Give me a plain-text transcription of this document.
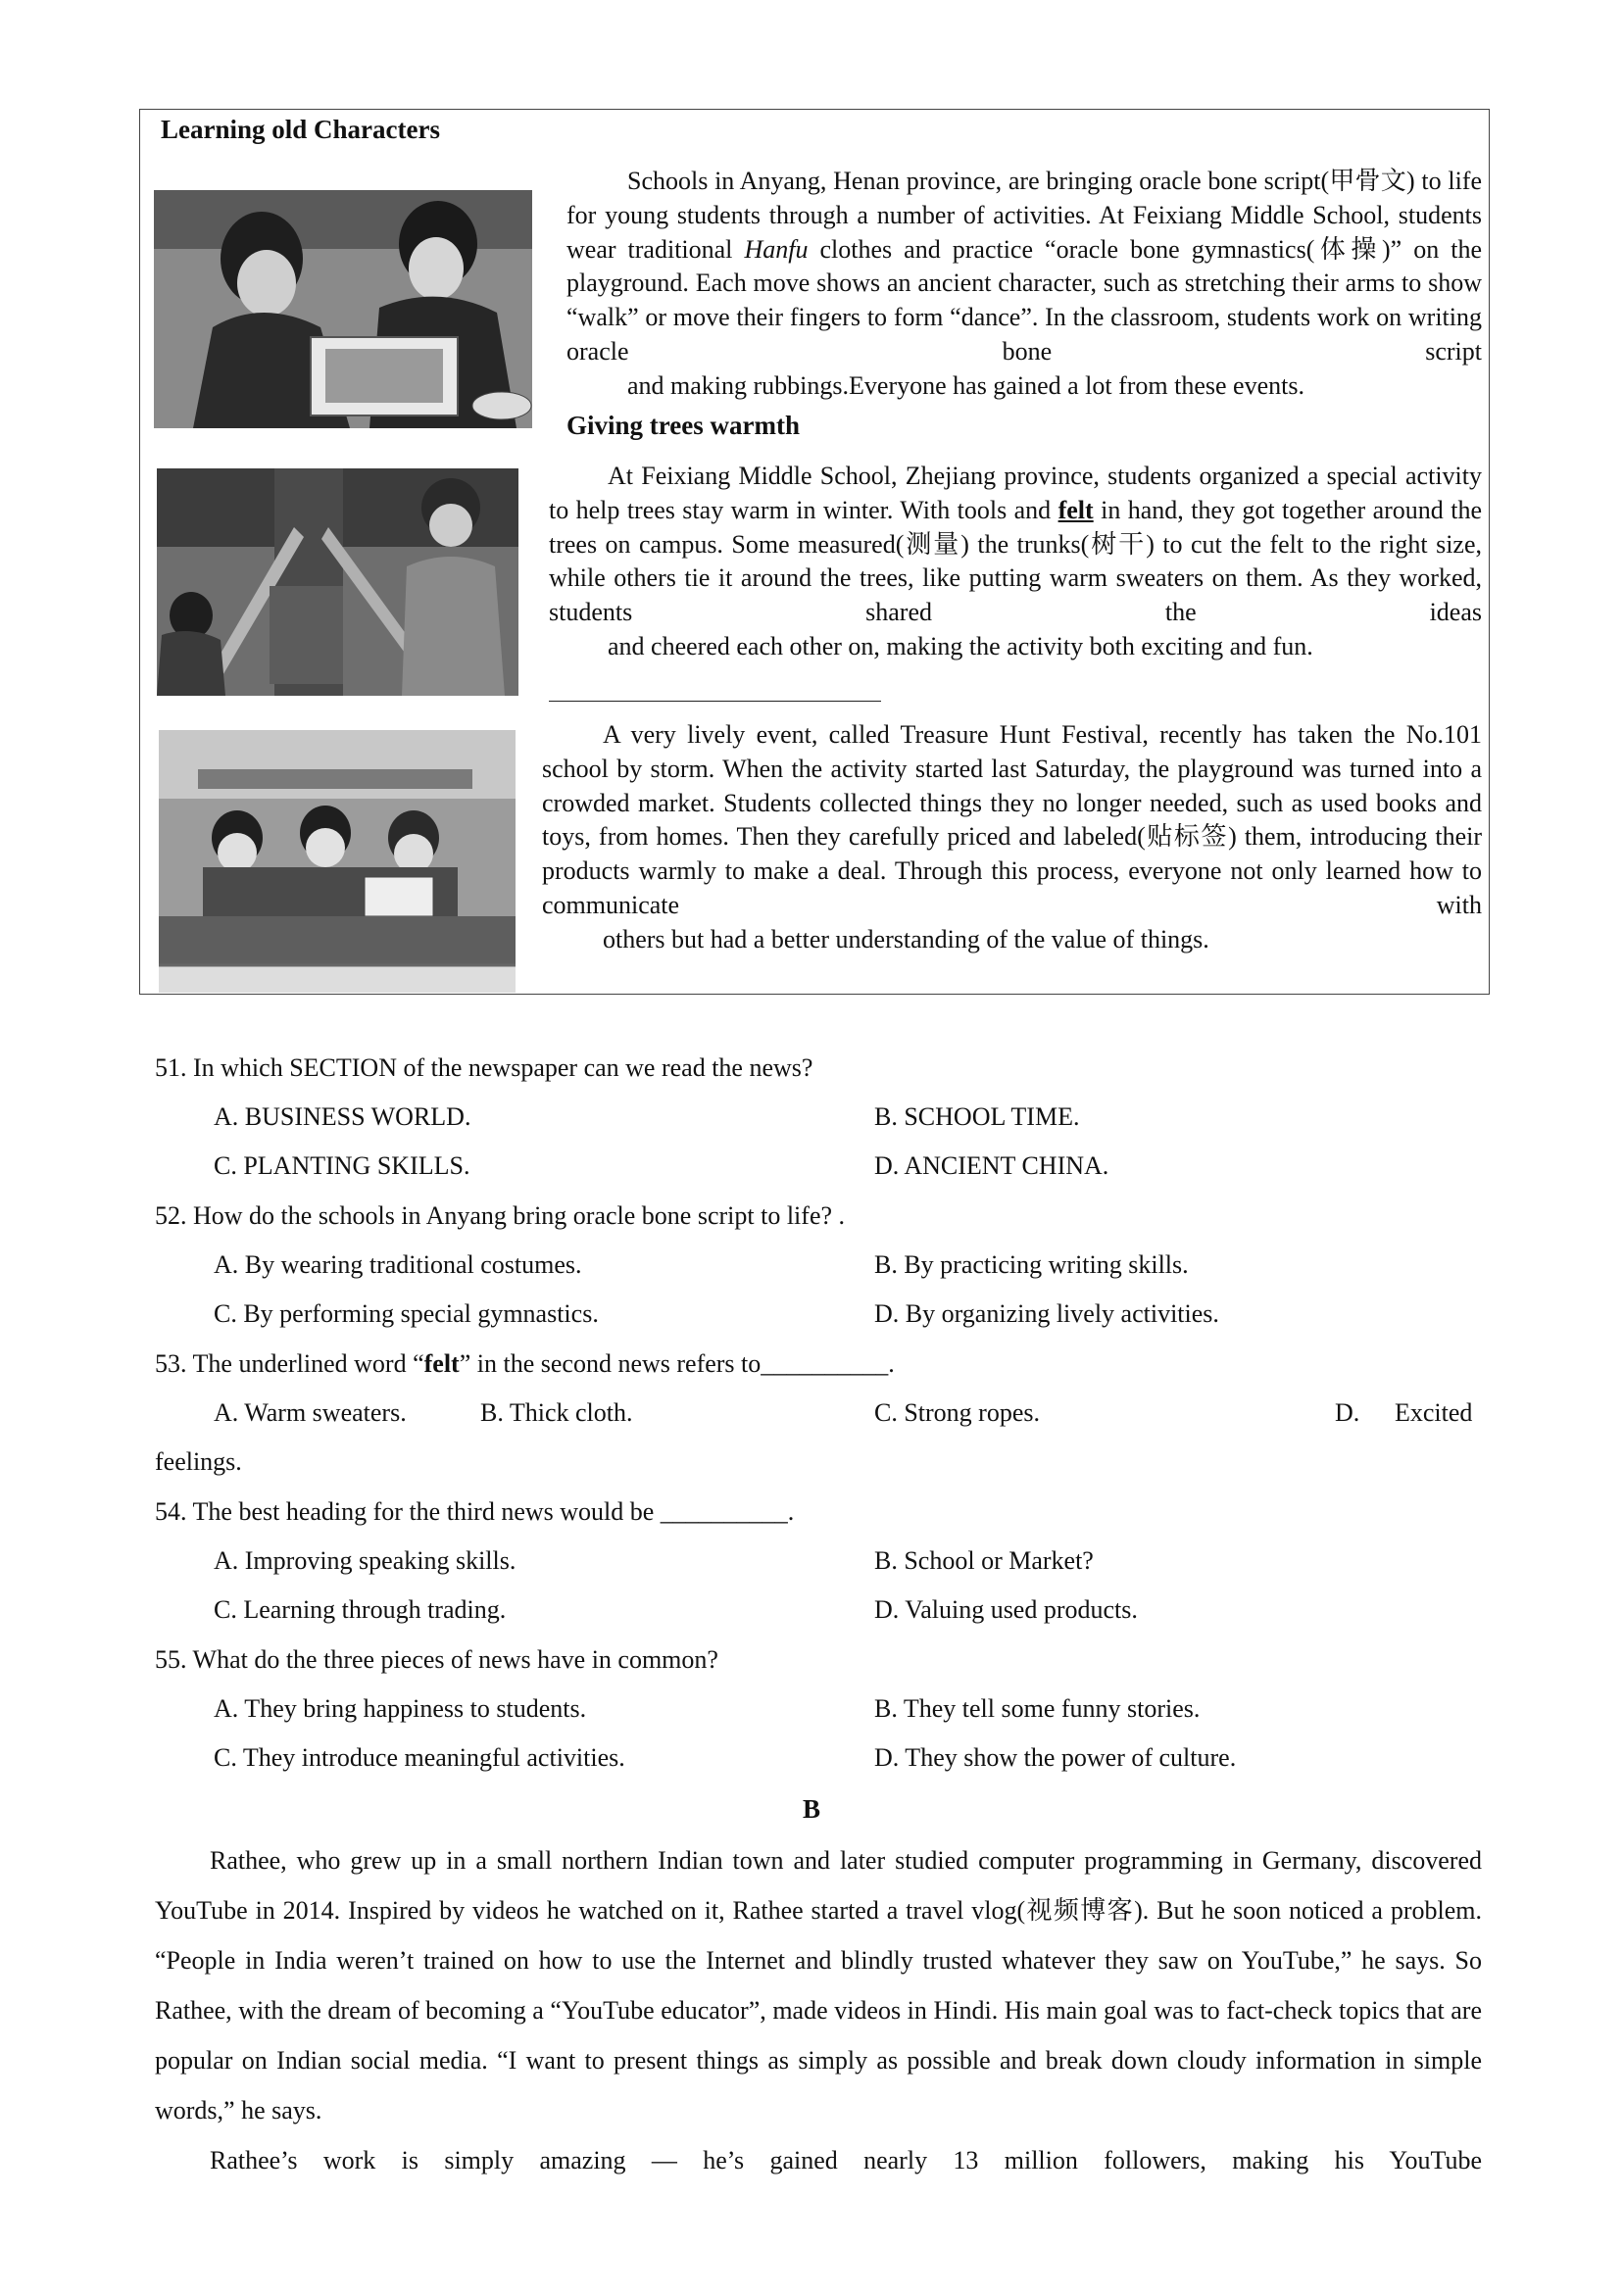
Learning old Characters

Schools in Anyang, Henan province, are bringing oracle bone script(甲骨文) to life for young students through a number of activities. At Feixiang Middle School, students wear traditional Hanfu clothes and practice “oracle bone gymnastics(体操)” on the playground. Each move shows an ancient character, such as stretching their arms to show “walk” or move their fingers to form “dance”. In the classroom, students work on writing oracle bone script
and making rubbings.Everyone has gained a lot from these events.

Giving trees warmth

At Feixiang Middle School, Zhejiang province, students organized a special activity to help trees stay warm in winter. With tools and felt in hand, they got together around the trees on campus. Some measured(测量) the trunks(树干) to cut the felt to the right size, while others tie it around the trees, like putting warm sweaters on them. As they worked, students shared the ideas
and cheered each other on, making the activity both exciting and fun.

A very lively event, called Treasure Hunt Festival, recently has taken the No.101 school by storm. When the activity started last Saturday, the playground was turned into a crowded market. Students collected things they no longer needed, such as used books and toys, from homes. Then they carefully priced and labeled(贴标签) them, introducing their products warmly to make a deal. Through this process, everyone not only learned how to communicate with
others but had a better understanding of the value of things.

51. In which SECTION of the newspaper can we read the news?
A. BUSINESS WORLD.	B. SCHOOL TIME.
C. PLANTING SKILLS.	D. ANCIENT CHINA.
52. How do the schools in Anyang bring oracle bone script to life? .
A. By wearing traditional costumes.	B. By practicing writing skills.
C. By performing special gymnastics.	D. By organizing lively activities.
53. The underlined word “felt” in the second news refers to__________.
A. Warm sweaters.	B. Thick cloth.	C. Strong ropes.	D. Excited
feelings.
54. The best heading for the third news would be __________.
A. Improving speaking skills.	B. School or Market?
C. Learning through trading.	D. Valuing used products.
55. What do the three pieces of news have in common?
A. They bring happiness to students.	B. They tell some funny stories.
C. They introduce meaningful activities.	D. They show the power of culture.
B

Rathee, who grew up in a small northern Indian town and later studied computer programming in Germany, discovered YouTube in 2014. Inspired by videos he watched on it, Rathee started a travel vlog(视频博客). But he soon noticed a problem. “People in India weren’t trained on how to use the Internet and blindly trusted whatever they saw on YouTube,” he says. So Rathee, with the dream of becoming a “YouTube educator”, made videos in Hindi. His main goal was to fact-check topics that are popular on Indian social media. “I want to present things as simply as possible and break down cloudy information in simple words,” he says.

Rathee’s work is simply amazing — he’s gained nearly 13 million followers, making his YouTube
